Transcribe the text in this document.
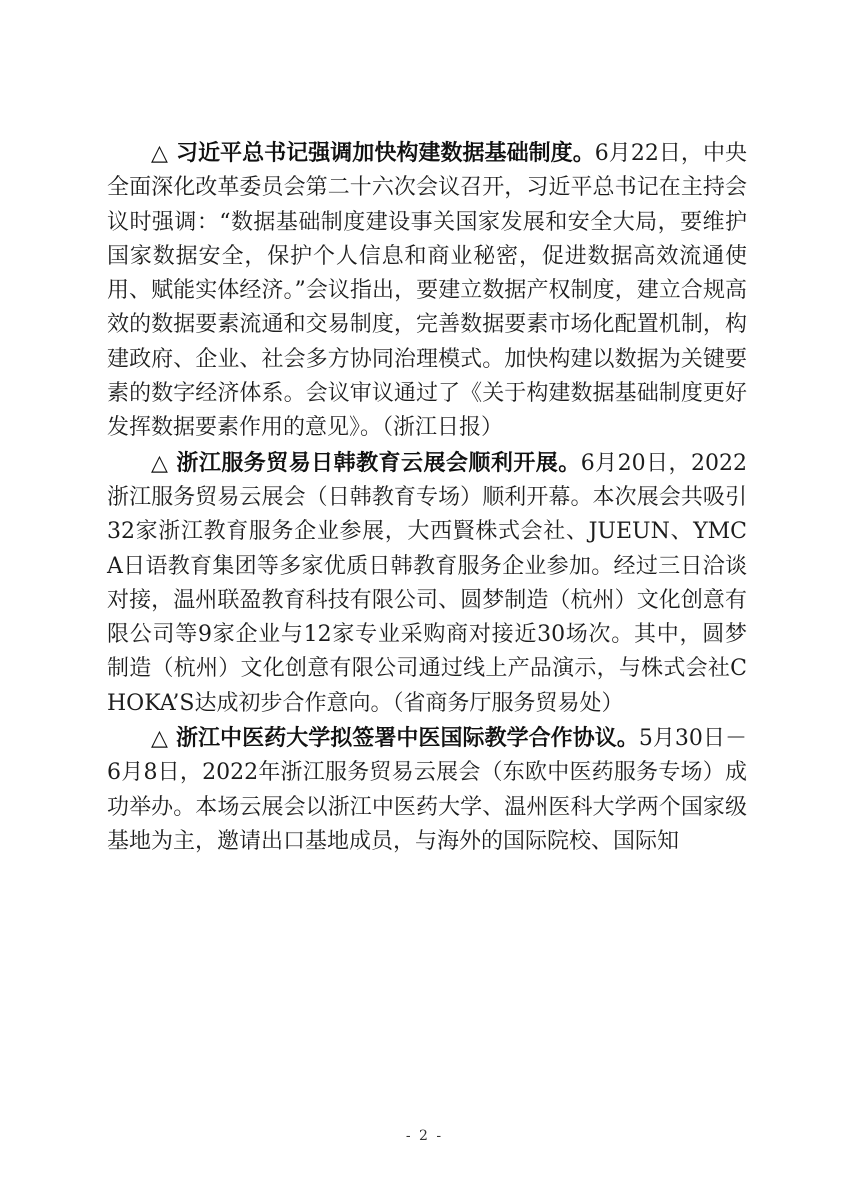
△ 习近平总书记强调加快构建数据基础制度。6月22日，中央全面深化改革委员会第二十六次会议召开，习近平总书记在主持会议时强调：“数据基础制度建设事关国家发展和安全大局，要维护国家数据安全，保护个人信息和商业秘密，促进数据高效流通使用、赋能实体经济。”会议指出，要建立数据产权制度，建立合规高效的数据要素流通和交易制度，完善数据要素市场化配置机制，构建政府、企业、社会多方协同治理模式。加快构建以数据为关键要素的数字经济体系。会议审议通过了《关于构建数据基础制度更好发挥数据要素作用的意见》。（浙江日报）

△ 浙江服务贸易日韩教育云展会顺利开展。6月20日，2022浙江服务贸易云展会（日韩教育专场）顺利开幕。本次展会共吸引32家浙江教育服务企业参展，大西賢株式会社、JUEUN、YMCA日语教育集团等多家优质日韩教育服务企业参加。经过三日洽谈对接，温州联盈教育科技有限公司、圆梦制造（杭州）文化创意有限公司等9家企业与12家专业采购商对接近30场次。其中，圆梦制造（杭州）文化创意有限公司通过线上产品演示，与株式会社CHOKA’S达成初步合作意向。（省商务厅服务贸易处）

△ 浙江中医药大学拟签署中医国际教学合作协议。5月30日－6月8日，2022年浙江服务贸易云展会（东欧中医药服务专场）成功举办。本场云展会以浙江中医药大学、温州医科大学两个国家级基地为主，邀请出口基地成员，与海外的国际院校、国际知

- 2 -
